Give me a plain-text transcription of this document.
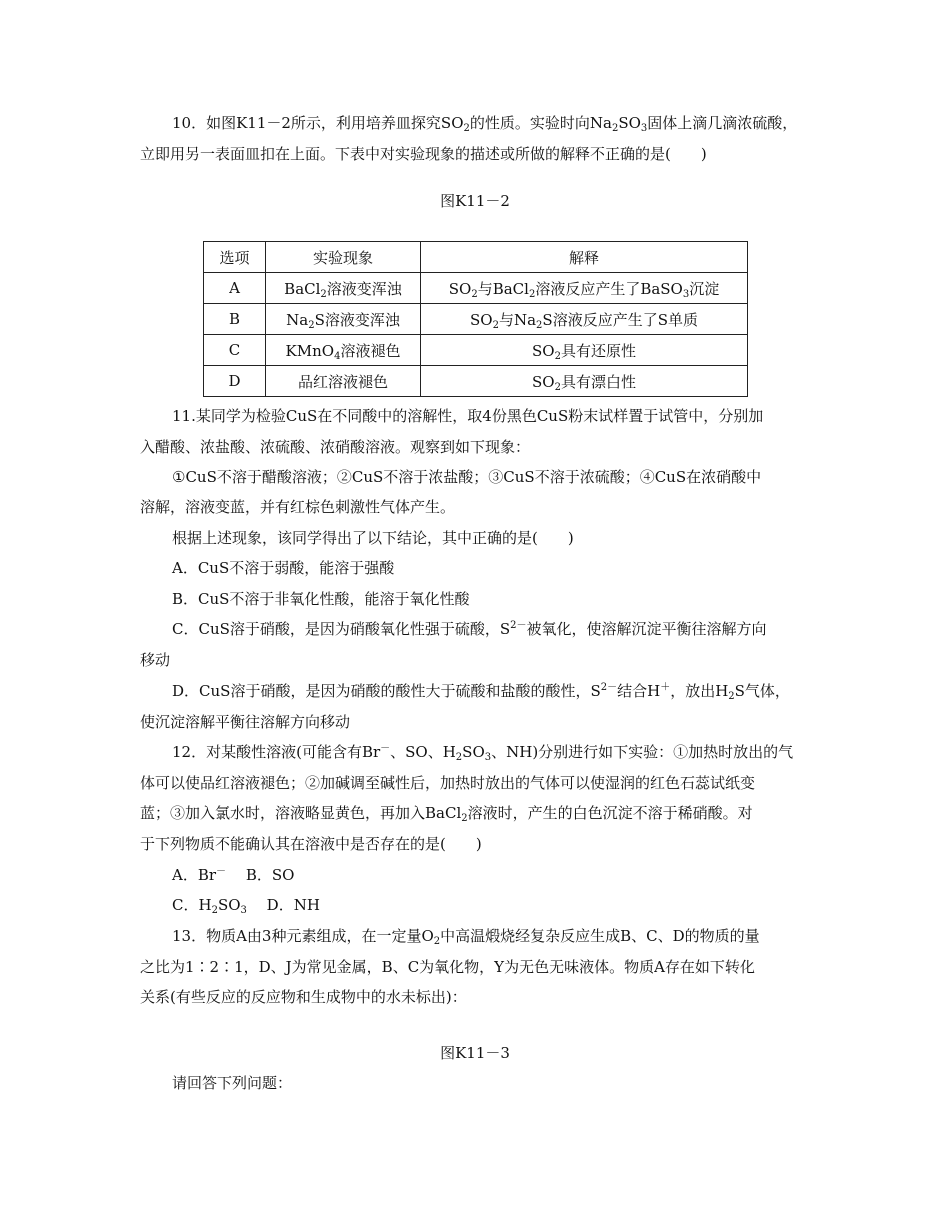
10．如图K11－2所示，利用培养皿探究$SO_2$的性质。实验时向$Na_2SO_3$固体上滴几滴浓硫酸，
立即用另一表面皿扣在上面。下表中对实验现象的描述或所做的解释不正确的是(　　)
图K11－2
选项	实验现象	解释
A	BaCl$_2$溶液变浑浊	$SO_2$与BaCl$_2$溶液反应产生了BaSO$_3$沉淀
B	$Na_2S$溶液变浑浊	$SO_2$与$Na_2S$溶液反应产生了S单质
C	KMnO$_4$溶液褪色	$SO_2$具有还原性
D	品红溶液褪色	$SO_2$具有漂白性
11.某同学为检验CuS在不同酸中的溶解性，取4份黑色CuS粉末试样置于试管中，分别加
入醋酸、浓盐酸、浓硫酸、浓硝酸溶液。观察到如下现象：
①CuS不溶于醋酸溶液；②CuS不溶于浓盐酸；③CuS不溶于浓硫酸；④CuS在浓硝酸中
溶解，溶液变蓝，并有红棕色刺激性气体产生。
根据上述现象，该同学得出了以下结论，其中正确的是(　　)
A．CuS不溶于弱酸，能溶于强酸
B．CuS不溶于非氧化性酸，能溶于氧化性酸
C．CuS溶于硝酸，是因为硝酸氧化性强于硫酸，$S^{2-}$被氧化，使溶解沉淀平衡往溶解方向
移动
D．CuS溶于硝酸，是因为硝酸的酸性大于硫酸和盐酸的酸性，$S^{2-}$结合H＋，放出$H_2S$气体，
使沉淀溶解平衡往溶解方向移动
12．对某酸性溶液(可能含有Br－、SO、$H_2SO_3$、NH)分别进行如下实验：①加热时放出的气
体可以使品红溶液褪色；②加碱调至碱性后，加热时放出的气体可以使湿润的红色石蕊试纸变
蓝；③加入氯水时，溶液略显黄色，再加入BaCl$_2$溶液时，产生的白色沉淀不溶于稀硝酸。对
于下列物质不能确认其在溶液中是否存在的是(　　)
A．Br－　 B．SO
C．$H_2SO_3$　 D．NH
13．物质A由3种元素组成，在一定量$O_2$中高温煅烧经复杂反应生成B、C、D的物质的量
之比为1∶2∶1，D、J为常见金属，B、C为氧化物，Y为无色无味液体。物质A存在如下转化
关系(有些反应的反应物和生成物中的水未标出)：
图K11－3
请回答下列问题：
